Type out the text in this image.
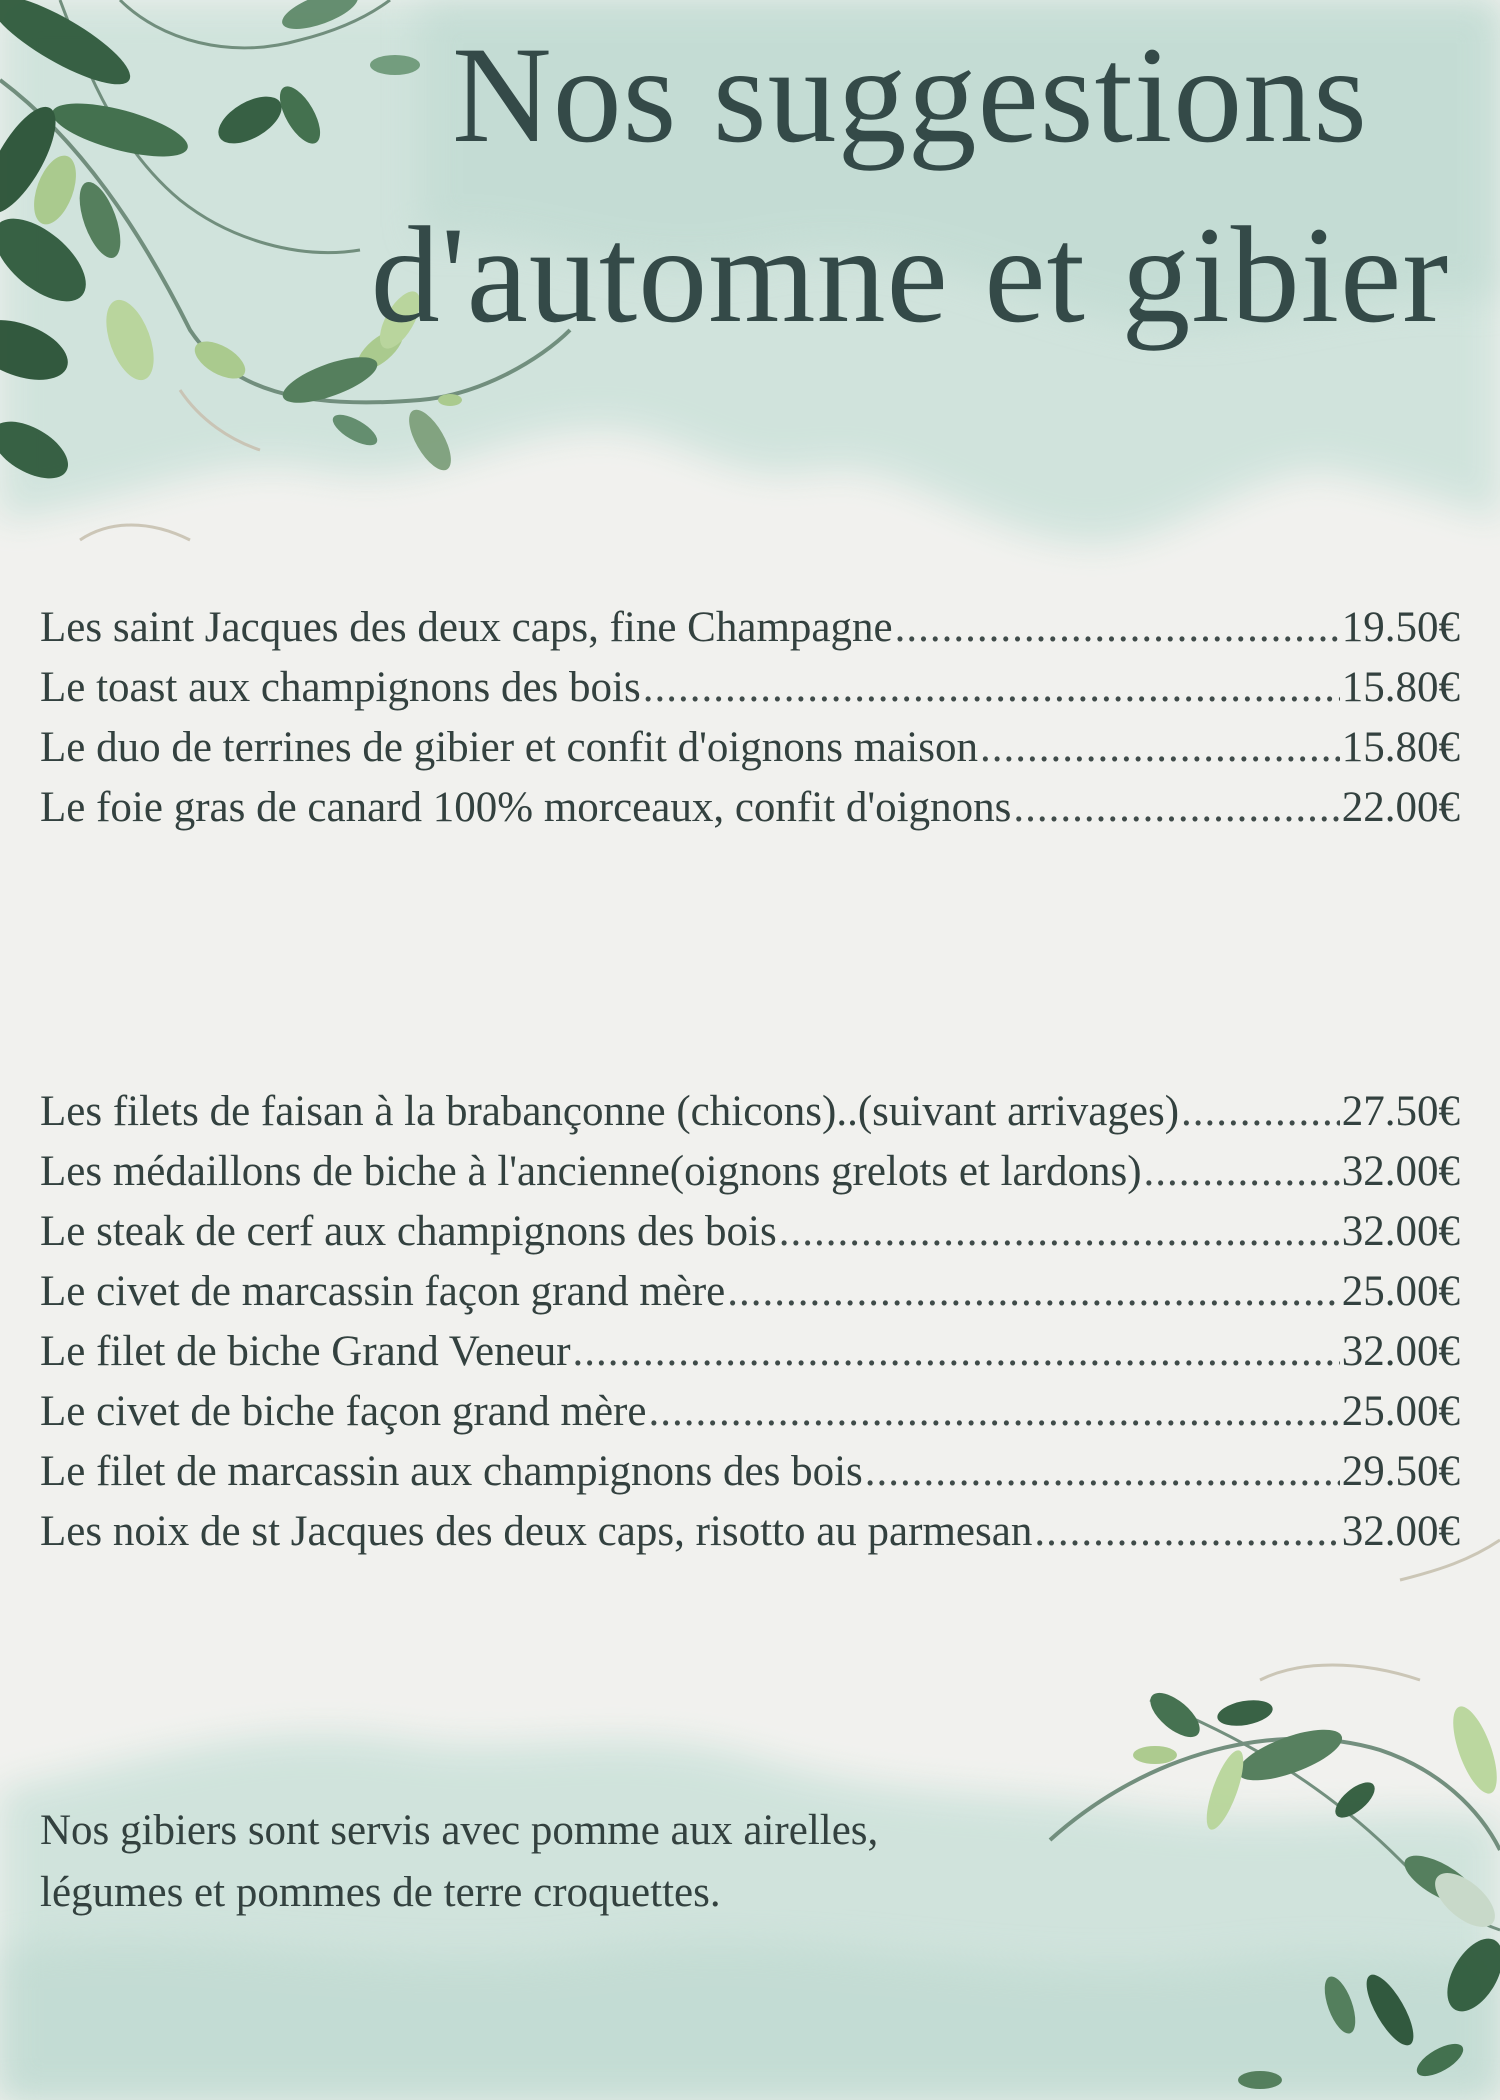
Nos suggestions
d'automne et gibier
Les saint Jacques des deux caps, fine Champagne .....	19.50€
Le toast aux champignons des bois .....	15.80€
Le duo de terrines de gibier et confit d'oignons maison .....	15.80€
Le foie gras de canard 100% morceaux, confit d'oignons .....	22.00€
Les filets de faisan à la brabançonne (chicons)..(suivant arrivages) .....	27.50€
Les médaillons de biche à l'ancienne(oignons grelots et lardons) .....	32.00€
Le steak de cerf aux champignons des bois .....	32.00€
Le civet de marcassin façon grand mère .....	25.00€
Le filet de biche Grand Veneur .....	32.00€
Le civet de biche façon grand mère .....	25.00€
Le filet de marcassin aux champignons des bois .....	29.50€
Les noix de st Jacques des deux caps, risotto au parmesan .....	32.00€
Nos gibiers sont servis avec pomme aux airelles,
légumes et pommes de terre croquettes.
